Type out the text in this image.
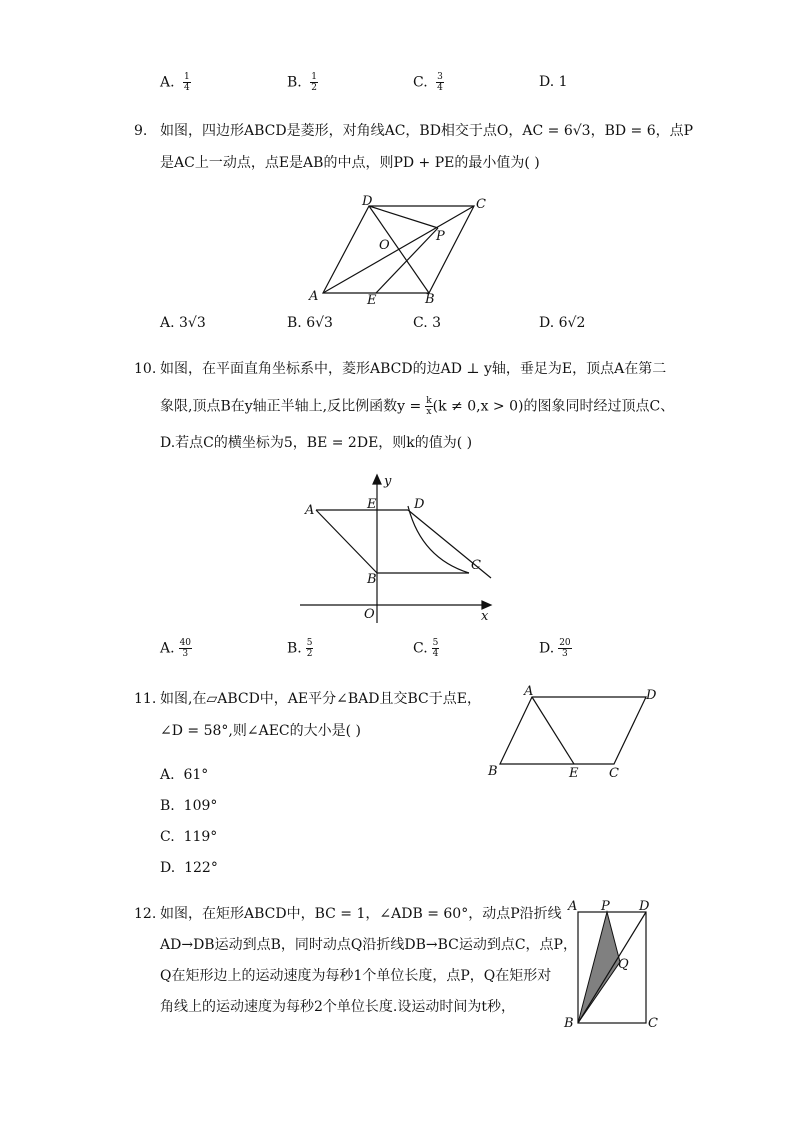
A. $\frac{1}{4}$	B. $\frac{1}{2}$	C. $\frac{3}{4}$	D. 1
9. 如图，四边形ABCD是菱形，对角线AC，BD相交于点O，AC = 6√3，BD = 6，点P
是AC上一动点，点E是AB的中点，则PD + PE的最小值为( )
D	C
P
O
A	E	B
A. 3√3	B. 6√3	C. 3	D. 6√2
10. 如图，在平面直角坐标系中，菱形ABCD的边AD ⊥ y轴，垂足为E，顶点A在第二
象限,顶点B在y轴正半轴上,反比例函数$y = \frac{k}{x} (k \ne 0,x > 0)$的图象同时经过顶点C、
D.若点C的横坐标为5，BE = 2DE，则k的值为( )
y
x
A	E	D
B
C
O
A. $\frac{40}{3}$	B. $\frac{5}{2}$	C. $\frac{5}{4}$	D. $\frac{20}{3}$
11. 如图,在▱ABCD中，AE平分∠BAD且交BC于点E，
∠D = 58°,则∠AEC的大小是( )
A. 61°
B. 109°
C. 119°
D. 122°
A	D
B	E C
12. 如图，在矩形ABCD中，BC = 1，∠ADB = 60°，动点P沿折线
AD→DB运动到点B，同时动点Q沿折线DB→BC运动到点C，点P，
Q在矩形边上的运动速度为每秒1个单位长度，点P，Q在矩形对
角线上的运动速度为每秒2个单位长度.设运动时间为t秒，
A P D
Q
B	C
